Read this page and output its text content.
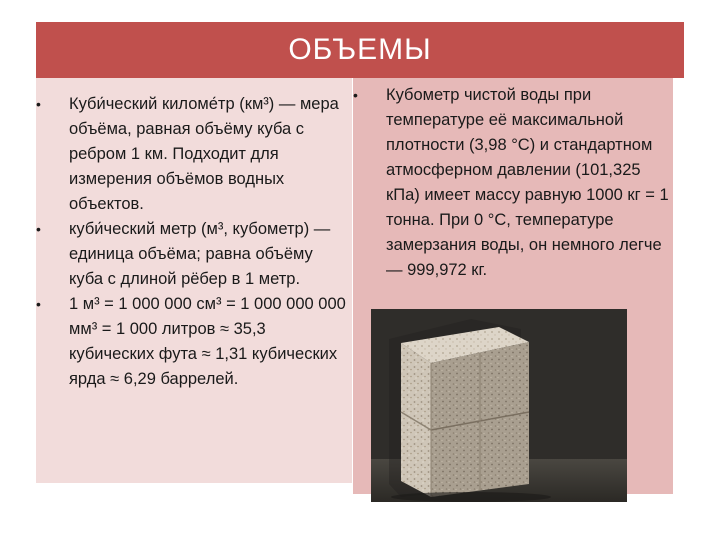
ОБЪЕМЫ
• Куби́ческий киломе́тр (км³) — мера объёма, равная объёму куба с ребром 1 км. Подходит для измерения объёмов водных объектов.
• куби́ческий метр (м³, кубометр) — единица объёма; равна объёму куба с длиной рёбер в 1 метр.
• 1 м³ = 1 000 000 см³ = 1 000 000 000 мм³ = 1 000 литров ≈ 35,3 кубических фута ≈ 1,31 кубических ярда ≈ 6,29 баррелей.
• Кубометр чистой воды при температуре её максимальной плотности (3,98 °С) и стандартном атмосферном давлении (101,325 кПа) имеет массу равную 1000 кг = 1 тонна. При 0 °C, температуре замерзания воды, он немного легче — 999,972 кг.
